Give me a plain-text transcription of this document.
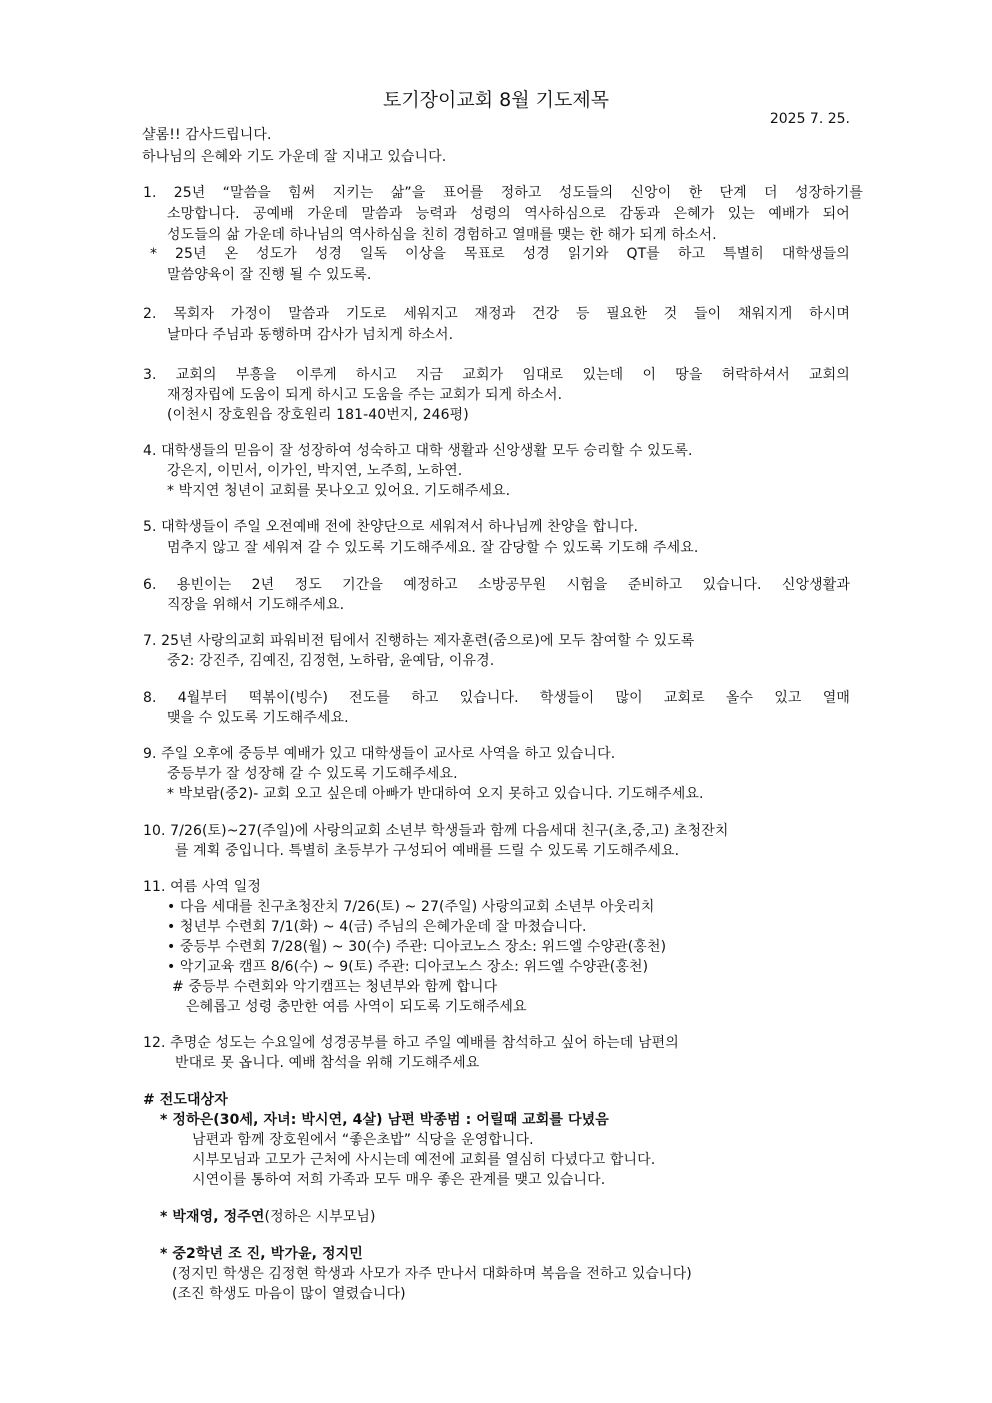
토기장이교회 8월 기도제목
2025 7. 25.
샬롬!! 감사드립니다.
하나님의 은혜와 기도 가운데 잘 지내고 있습니다.
1. 25년 “말씀을 힘써 지키는 삶”을 표어를 정하고 성도들의 신앙이 한 단계 더 성장하기를
소망합니다. 공예배 가운데 말씀과 능력과 성령의 역사하심으로 감동과 은혜가 있는 예배가 되어
성도들의 삶 가운데 하나님의 역사하심을 친히 경험하고 열매를 맺는 한 해가 되게 하소서.
* 25년 온 성도가 성경 일독 이상을 목표로 성경 읽기와 QT를 하고 특별히 대학생들의
말씀양육이 잘 진행 될 수 있도록.
2. 목회자 가정이 말씀과 기도로 세워지고 재정과 건강 등 필요한 것 들이 채워지게 하시며
날마다 주님과 동행하며 감사가 넘치게 하소서.
3. 교회의 부흥을 이루게 하시고 지금 교회가 임대로 있는데 이 땅을 허락하셔서 교회의
재정자립에 도움이 되게 하시고 도움을 주는 교회가 되게 하소서.
(이천시 장호원읍 장호원리 181-40번지, 246평)
4. 대학생들의 믿음이 잘 성장하여 성숙하고 대학 생활과 신앙생활 모두 승리할 수 있도록.
강은지, 이민서, 이가인, 박지연, 노주희, 노하연.
* 박지연 청년이 교회를 못나오고 있어요. 기도해주세요.
5. 대학생들이 주일 오전예배 전에 찬양단으로 세워져서 하나님께 찬양을 합니다.
멈추지 않고 잘 세워져 갈 수 있도록 기도해주세요. 잘 감당할 수 있도록 기도해 주세요.
6. 용빈이는 2년 정도 기간을 예정하고 소방공무원 시험을 준비하고 있습니다. 신앙생활과
직장을 위해서 기도해주세요.
7. 25년 사랑의교회 파워비전 팀에서 진행하는 제자훈련(줌으로)에 모두 참여할 수 있도록
중2: 강진주, 김예진, 김정현, 노하람, 윤예담, 이유경.
8. 4월부터 떡볶이(빙수) 전도를 하고 있습니다. 학생들이 많이 교회로 올수 있고 열매
맺을 수 있도록 기도해주세요.
9. 주일 오후에 중등부 예배가 있고 대학생들이 교사로 사역을 하고 있습니다.
중등부가 잘 성장해 갈 수 있도록 기도해주세요.
* 박보람(중2)- 교회 오고 싶은데 아빠가 반대하여 오지 못하고 있습니다. 기도해주세요.
10. 7/26(토)~27(주일)에 사랑의교회 소년부 학생들과 함께 다음세대 친구(초,중,고) 초청잔치
를 계획 중입니다. 특별히 초등부가 구성되어 예배를 드릴 수 있도록 기도해주세요.
11. 여름 사역 일정
• 다음 세대를 친구초청잔치 7/26(토) ~ 27(주일) 사랑의교회 소년부 아웃리치
• 청년부 수련회 7/1(화) ~ 4(금) 주님의 은혜가운데 잘 마쳤습니다.
• 중등부 수련회 7/28(월) ~ 30(수) 주관: 디아코노스 장소: 위드엘 수양관(홍천)
• 악기교육 캠프 8/6(수) ~ 9(토) 주관: 디아코노스 장소: 위드엘 수양관(홍천)
# 중등부 수련회와 악기캠프는 청년부와 함께 합니다
은혜롭고 성령 충만한 여름 사역이 되도록 기도해주세요
12. 추명순 성도는 수요일에 성경공부를 하고 주일 예배를 참석하고 싶어 하는데 남편의
반대로 못 옵니다. 예배 참석을 위해 기도해주세요
# 전도대상자
* 정하은(30세, 자녀: 박시연, 4살) 남편 박종범 : 어릴때 교회를 다녔음
남편과 함께 장호원에서 “좋은초밥” 식당을 운영합니다.
시부모님과 고모가 근처에 사시는데 예전에 교회를 열심히 다녔다고 합니다.
시연이를 통하여 저희 가족과 모두 매우 좋은 관계를 맺고 있습니다.
* 박재영, 정주연(정하은 시부모님)
* 중2학년 조 진, 박가윤, 정지민
(정지민 학생은 김정현 학생과 사모가 자주 만나서 대화하며 복음을 전하고 있습니다)
(조진 학생도 마음이 많이 열렸습니다)
